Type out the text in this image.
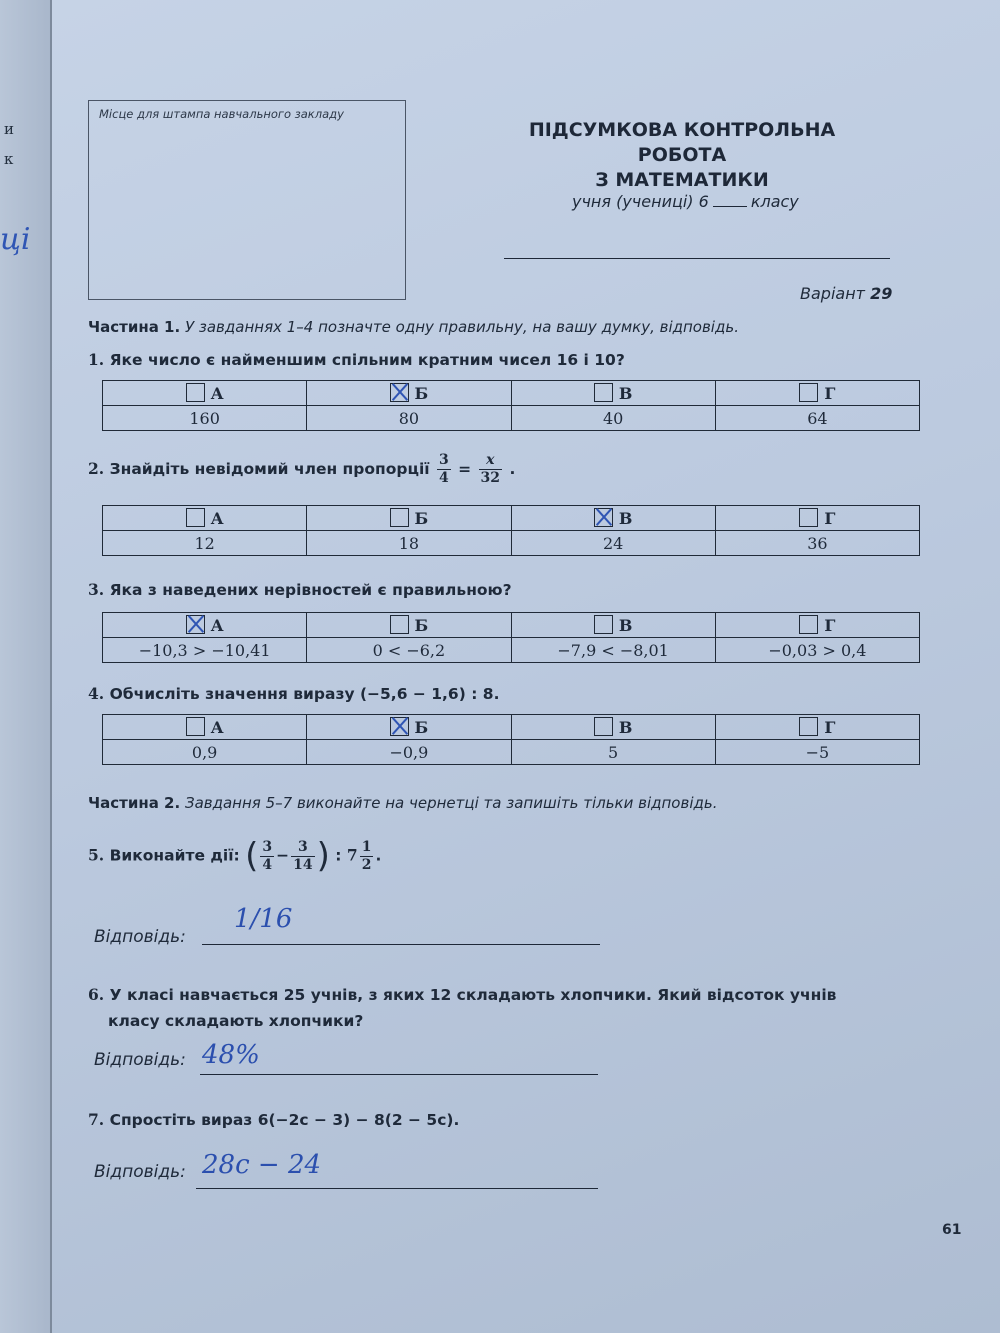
и
к
ці
Місце для штампа навчального закладу
ПІДСУМКОВА КОНТРОЛЬНА РОБОТА
З МАТЕМАТИКИ
учня (учениці) 6	класу
Варіант 29
Частина 1. У завданнях 1–4 позначте одну правильну, на вашу думку, відповідь.
1. Яке число є найменшим спільним кратним чисел 16 і 10?
А	Б	В	Г
160	80	40	64
2. Знайдіть невідомий член пропорції $\frac{3}{4} = \frac{x}{32}$ .
А	Б	В	Г
12	18	24	36
3. Яка з наведених нерівностей є правильною?
А	Б	В	Г
−10,3 > −10,41	0 < −6,2	−7,9 < −8,01	−0,03 > 0,4
4. Обчисліть значення виразу (−5,6 − 1,6) : 8.
А	Б	В	Г
0,9	−0,9	5	−5
Частина 2. Завдання 5–7 виконайте на чернетці та запишіть тільки відповідь.
5. Виконайте дії: ( $\frac{3}{4} - \frac{3}{14}$ ) : $7 \frac{1}{2}$ .
Відповідь:
1/16
6. У класі навчається 25 учнів, з яких 12 складають хлопчики. Який відсоток учнів
класу складають хлопчики?
Відповідь: 48%
7. Спростіть вираз 6(−2c − 3) − 8(2 − 5c).
Відповідь: 28c − 24
61
